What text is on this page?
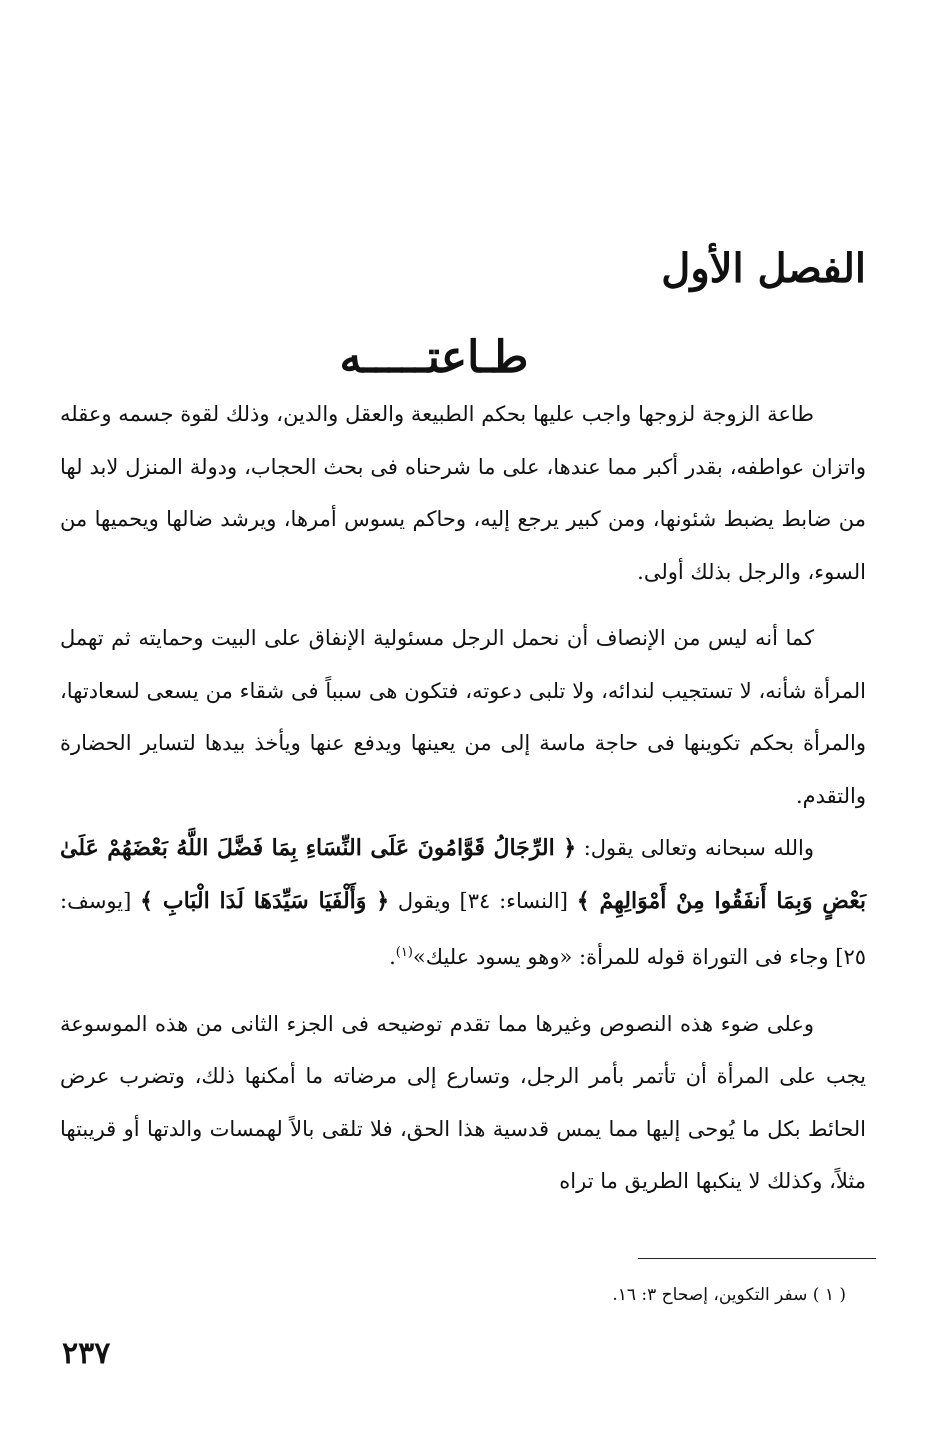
الفصل الأول
طـاعتـــــه

طاعة الزوجة لزوجها واجب عليها بحكم الطبيعة والعقل والدين، وذلك لقوة جسمه وعقله واتزان عواطفه، بقدر أكبر مما عندها، على ما شرحناه فى بحث الحجاب، ودولة المنزل لابد لها من ضابط يضبط شئونها، ومن كبير يرجع إليه، وحاكم يسوس أمرها، ويرشد ضالها ويحميها من السوء، والرجل بذلك أولى.

كما أنه ليس من الإنصاف أن نحمل الرجل مسئولية الإنفاق على البيت وحمايته ثم تهمل المرأة شأنه، لا تستجيب لندائه، ولا تلبى دعوته، فتكون هى سبباً فى شقاء من يسعى لسعادتها، والمرأة بحكم تكوينها فى حاجة ماسة إلى من يعينها ويدفع عنها ويأخذ بيدها لتساير الحضارة والتقدم.

والله سبحانه وتعالى يقول: ﴿ الرِّجَالُ قَوَّامُونَ عَلَى النِّسَاءِ بِمَا فَضَّلَ اللَّهُ بَعْضَهُمْ عَلَىٰ بَعْضٍ وَبِمَا أَنفَقُوا مِنْ أَمْوَالِهِمْ ﴾ [النساء: ٣٤] ويقول ﴿ وَأَلْفَيَا سَيِّدَهَا لَدَا الْبَابِ ﴾ [يوسف: ٢٥] وجاء فى التوراة قوله للمرأة: «وهو يسود عليك»$^{(١)}$.

وعلى ضوء هذه النصوص وغيرها مما تقدم توضيحه فى الجزء الثانى من هذه الموسوعة يجب على المرأة أن تأتمر بأمر الرجل، وتسارع إلى مرضاته ما أمكنها ذلك، وتضرب عرض الحائط بكل ما يُوحى إليها مما يمس قدسية هذا الحق، فلا تلقى بالاً لهمسات والدتها أو قريبتها مثلاً، وكذلك لا ينكبها الطريق ما تراه

( ١ ) سفر التكوين، إصحاح ٣: ١٦.

٢٣٧
